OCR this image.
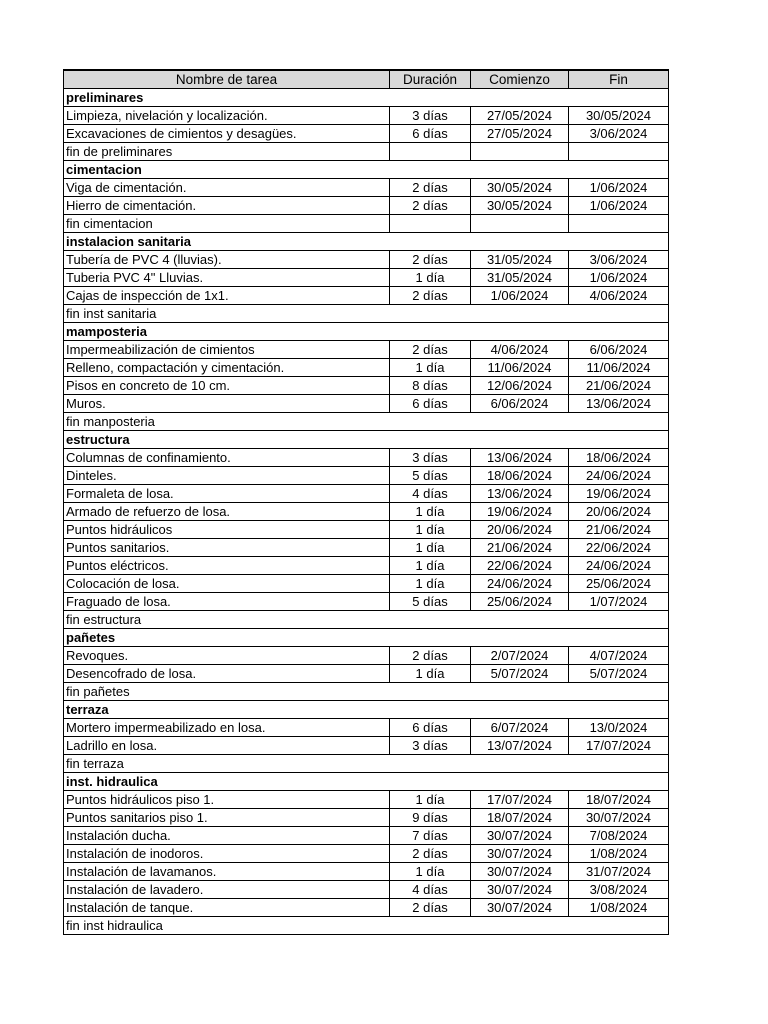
Nombre de tarea	Duración	Comienzo	Fin
preliminares			
Limpieza, nivelación y localización.	3 días	27/05/2024	30/05/2024
Excavaciones de cimientos y desagües.	6 días	27/05/2024	3/06/2024
fin de preliminares			
cimentacion			
Viga de cimentación.	2 días	30/05/2024	1/06/2024
Hierro de cimentación.	2 días	30/05/2024	1/06/2024
fin cimentacion			
instalacion sanitaria			
Tubería de PVC 4 (lluvias).	2 días	31/05/2024	3/06/2024
Tuberia PVC 4" Lluvias.	1 día	31/05/2024	1/06/2024
Cajas de inspección de 1x1.	2 días	1/06/2024	4/06/2024
fin inst sanitaria			
mamposteria			
Impermeabilización de cimientos	2 días	4/06/2024	6/06/2024
Relleno, compactación y cimentación.	1 día	11/06/2024	11/06/2024
Pisos en concreto de 10 cm.	8 días	12/06/2024	21/06/2024
Muros.	6 días	6/06/2024	13/06/2024
fin manposteria			
estructura			
Columnas de confinamiento.	3 días	13/06/2024	18/06/2024
Dinteles.	5 días	18/06/2024	24/06/2024
Formaleta de losa.	4 días	13/06/2024	19/06/2024
Armado de refuerzo de losa.	1 día	19/06/2024	20/06/2024
Puntos hidráulicos	1 día	20/06/2024	21/06/2024
Puntos sanitarios.	1 día	21/06/2024	22/06/2024
Puntos eléctricos.	1 día	22/06/2024	24/06/2024
Colocación de losa.	1 día	24/06/2024	25/06/2024
Fraguado de losa.	5 días	25/06/2024	1/07/2024
fin estructura			
pañetes			
Revoques.	2 días	2/07/2024	4/07/2024
Desencofrado de losa.	1 día	5/07/2024	5/07/2024
fin pañetes			
terraza			
Mortero impermeabilizado en losa.	6 días	6/07/2024	13/0/2024
Ladrillo en losa.	3 días	13/07/2024	17/07/2024
fin terraza			
inst. hidraulica			
Puntos hidráulicos piso 1.	1 día	17/07/2024	18/07/2024
Puntos sanitarios piso 1.	9 días	18/07/2024	30/07/2024
Instalación ducha.	7 días	30/07/2024	7/08/2024
Instalación de inodoros.	2 días	30/07/2024	1/08/2024
Instalación de lavamanos.	1 día	30/07/2024	31/07/2024
Instalación de lavadero.	4 días	30/07/2024	3/08/2024
Instalación de tanque.	2 días	30/07/2024	1/08/2024
fin inst hidraulica			
